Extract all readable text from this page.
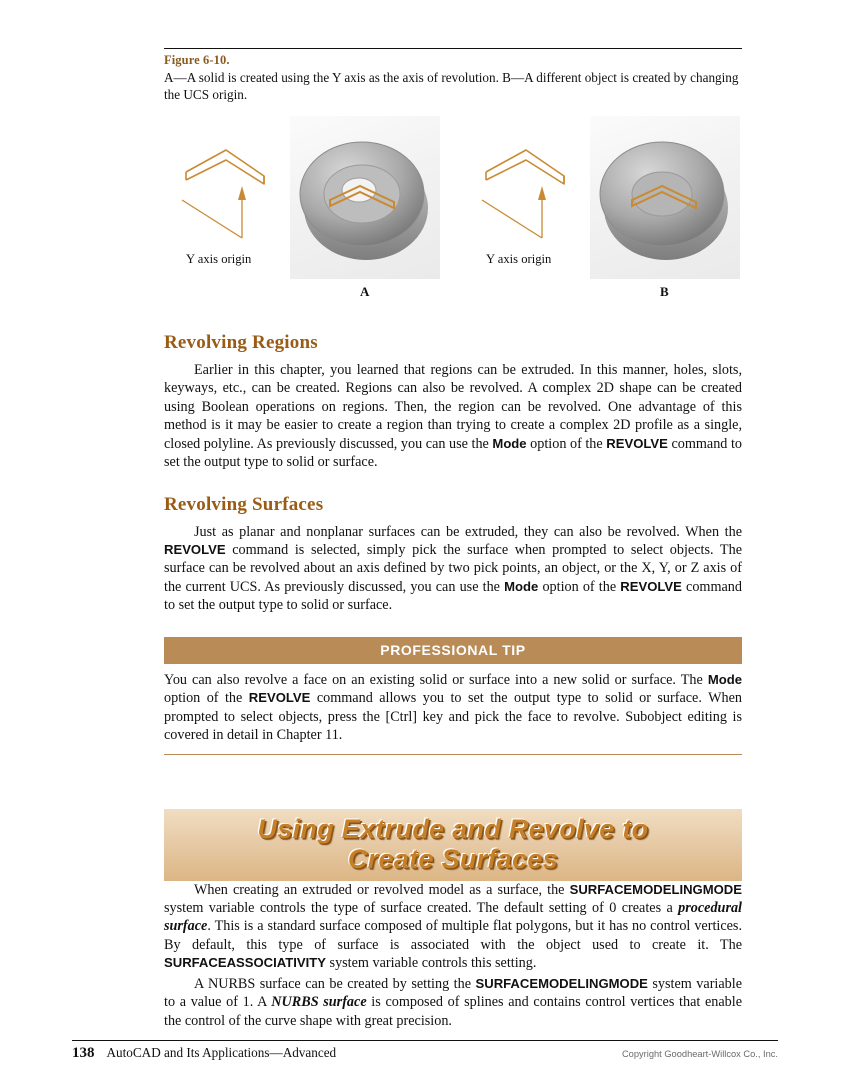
Figure 6-10.
A—A solid is created using the Y axis as the axis of revolution. B—A different object is created by changing the UCS origin.
Y axis origin	Y axis origin
A	B
Revolving Regions

Earlier in this chapter, you learned that regions can be extruded. In this manner, holes, slots, keyways, etc., can be created. Regions can also be revolved. A complex 2D shape can be created using Boolean operations on regions. Then, the region can be revolved. One advantage of this method is it may be easier to create a region than trying to create a complex 2D profile as a single, closed polyline. As previously discussed, you can use the Mode option of the REVOLVE command to set the output type to solid or surface.

Revolving Surfaces

Just as planar and nonplanar surfaces can be extruded, they can also be revolved. When the REVOLVE command is selected, simply pick the surface when prompted to select objects. The surface can be revolved about an axis defined by two pick points, an object, or the X, Y, or Z axis of the current UCS. As previously discussed, you can use the Mode option of the REVOLVE command to set the output type to solid or surface.

PROFESSIONAL TIP
You can also revolve a face on an existing solid or surface into a new solid or surface. The Mode option of the REVOLVE command allows you to set the output type to solid or surface. When prompted to select objects, press the [Ctrl] key and pick the face to revolve. Subobject editing is covered in detail in Chapter 11.
Using Extrude and Revolve to
Create Surfaces

When creating an extruded or revolved model as a surface, the SURFACEMODELINGMODE system variable controls the type of surface created. The default setting of 0 creates a procedural surface. This is a standard surface composed of multiple flat polygons, but it has no control vertices. By default, this type of surface is associated with the object used to create it. The SURFACEASSOCIATIVITY system variable controls this setting.

A NURBS surface can be created by setting the SURFACEMODELINGMODE system variable to a value of 1. A NURBS surface is composed of splines and contains control vertices that enable the control of the curve shape with great precision.

138 AutoCAD and Its Applications—Advanced	Copyright Goodheart-Willcox Co., Inc.
